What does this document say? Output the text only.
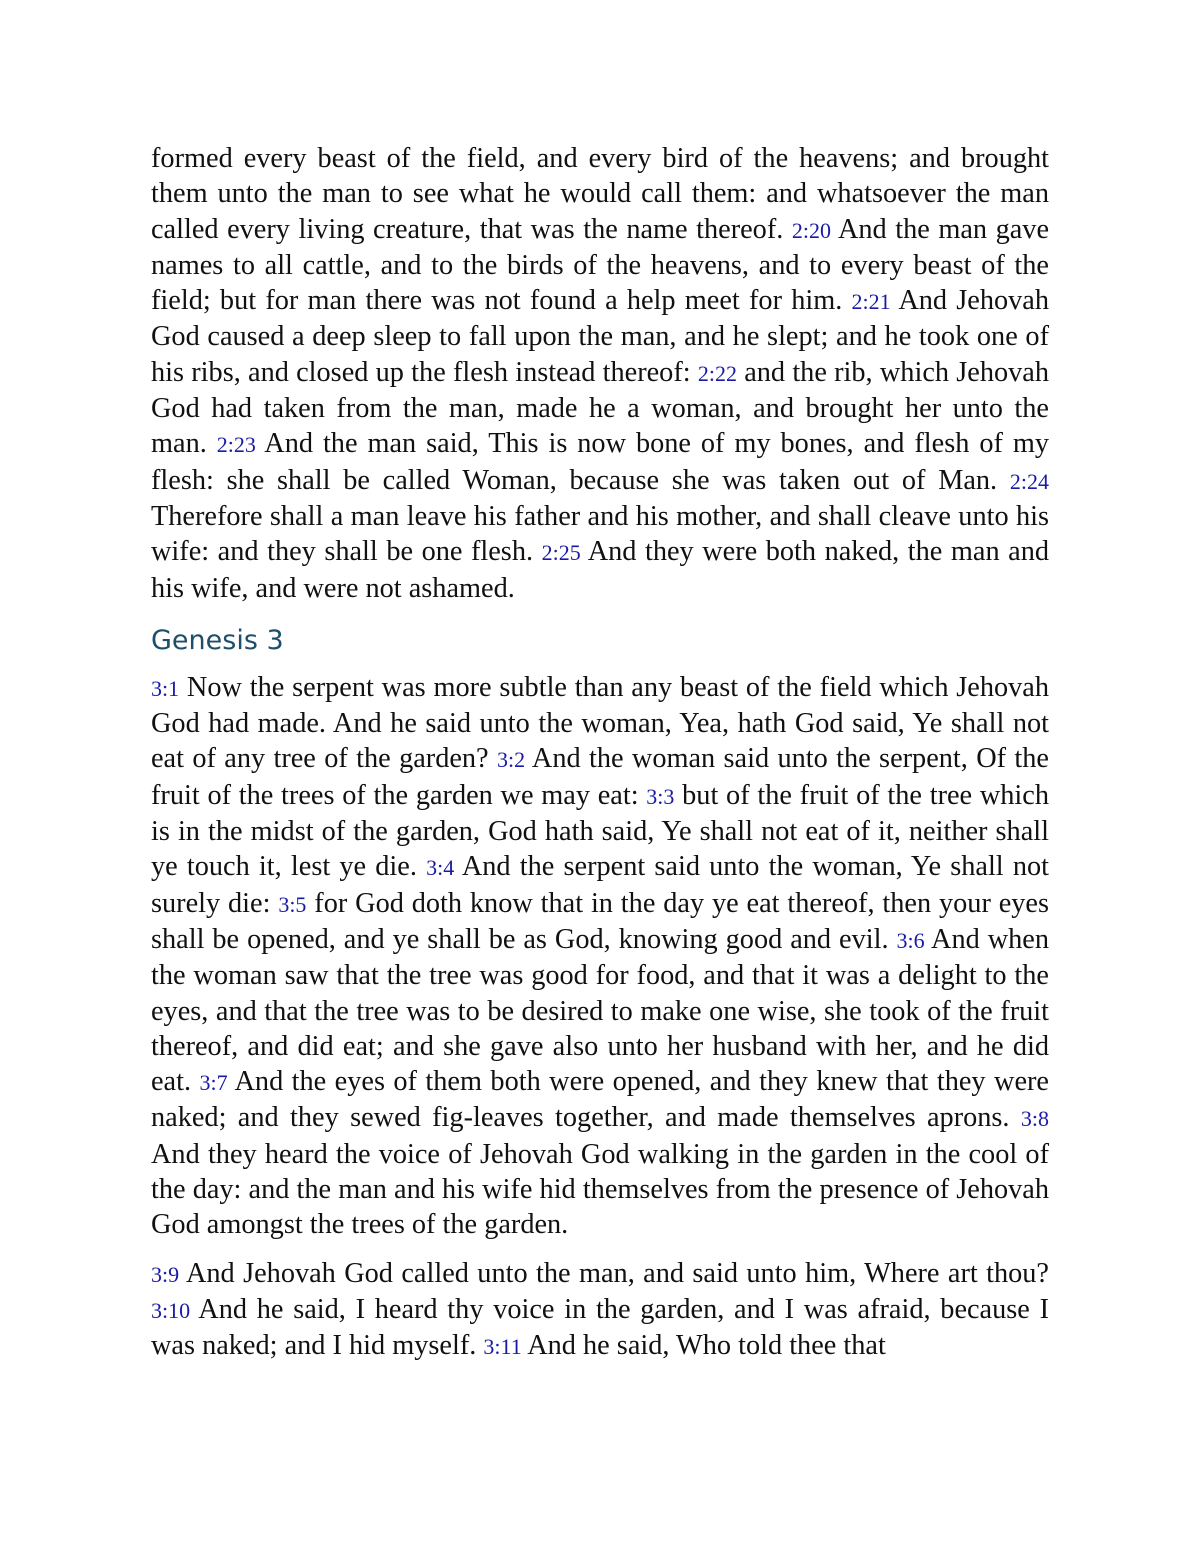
formed every beast of the field, and every bird of the heavens; and brought them unto the man to see what he would call them: and whatsoever the man called every living creature, that was the name thereof. 2:20 And the man gave names to all cattle, and to the birds of the heavens, and to every beast of the field; but for man there was not found a help meet for him. 2:21 And Jehovah God caused a deep sleep to fall upon the man, and he slept; and he took one of his ribs, and closed up the flesh instead thereof: 2:22 and the rib, which Jehovah God had taken from the man, made he a woman, and brought her unto the man. 2:23 And the man said, This is now bone of my bones, and flesh of my flesh: she shall be called Woman, because she was taken out of Man. 2:24 Therefore shall a man leave his father and his mother, and shall cleave unto his wife: and they shall be one flesh. 2:25 And they were both naked, the man and his wife, and were not ashamed.

Genesis 3

3:1 Now the serpent was more subtle than any beast of the field which Jehovah God had made. And he said unto the woman, Yea, hath God said, Ye shall not eat of any tree of the garden? 3:2 And the woman said unto the serpent, Of the fruit of the trees of the garden we may eat: 3:3 but of the fruit of the tree which is in the midst of the garden, God hath said, Ye shall not eat of it, neither shall ye touch it, lest ye die. 3:4 And the serpent said unto the woman, Ye shall not surely die: 3:5 for God doth know that in the day ye eat thereof, then your eyes shall be opened, and ye shall be as God, knowing good and evil. 3:6 And when the woman saw that the tree was good for food, and that it was a delight to the eyes, and that the tree was to be desired to make one wise, she took of the fruit thereof, and did eat; and she gave also unto her husband with her, and he did eat. 3:7 And the eyes of them both were opened, and they knew that they were naked; and they sewed fig-leaves together, and made themselves aprons. 3:8 And they heard the voice of Jehovah God walking in the garden in the cool of the day: and the man and his wife hid themselves from the presence of Jehovah God amongst the trees of the garden.

3:9 And Jehovah God called unto the man, and said unto him, Where art thou? 3:10 And he said, I heard thy voice in the garden, and I was afraid, because I was naked; and I hid myself. 3:11 And he said, Who told thee that
